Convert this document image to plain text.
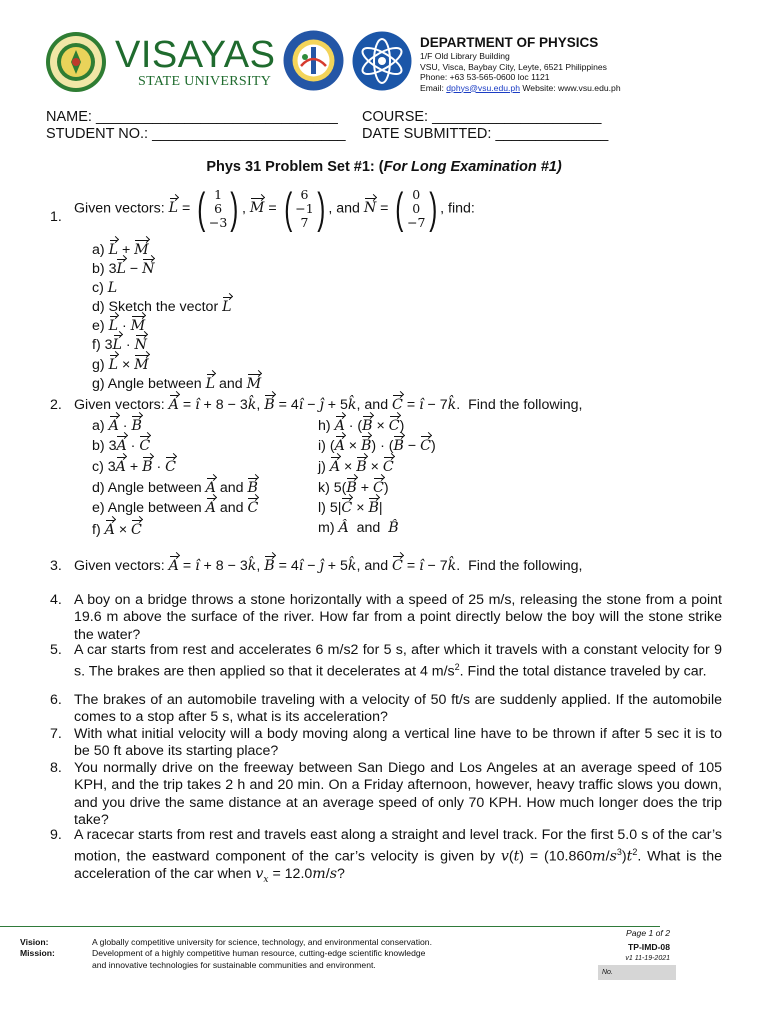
VISAYAS
STATE UNIVERSITY
DEPARTMENT OF PHYSICS
1/F Old Library Building
VSU, Visca, Baybay City, Leyte, 6521 Philippines
Phone: +63 53-565-0600 loc 1121
Email: dphys@vsu.edu.ph Website: www.vsu.edu.ph
NAME: ______________________________ COURSE: _____________________
STUDENT NO.: ________________________ DATE SUBMITTED: ______________
Phys 31 Problem Set #1: (For Long Examination #1)
1.
Given vectors: L = ( 1
6
−3 ) , M = ( 6
−1
7 ) , and N = ( 0
0
−7 ) , find:
a) L + M
b) 3L − N
c) L
d) Sketch the vector L
e) L · M
f) 3L · N
g) L × M
g) Angle between L and M
2. Given vectors: A = î + 8 − 3k̂, B = 4î − ĵ + 5k̂, and C = î − 7k̂.  Find the following,
a) A · B
b) 3A · C
c) 3A + B · C
d) Angle between A and B
e) Angle between A and C
f) A × C
h) A · (B × C)
i) (A × B) · (B − C)
j) A × B × C
k) 5(B + C)
l) 5|C × B|
m) Â and B̂
3. Given vectors: A = î + 8 − 3k̂, B = 4î − ĵ + 5k̂, and C = î − 7k̂.  Find the following,
4. A boy on a bridge throws a stone horizontally with a speed of 25 m/s, releasing the stone from a point 19.6 m above the surface of the river. How far from a point directly below the boy will the stone strike the water?
5. A car starts from rest and accelerates 6 m/s2 for 5 s, after which it travels with a constant velocity for 9 s. The brakes are then applied so that it decelerates at 4 $m/s^2$. Find the total distance traveled by car.
6. The brakes of an automobile traveling with a velocity of 50 ft/s are suddenly applied. If the automobile comes to a stop after 5 s, what is its acceleration?
7. With what initial velocity will a body moving along a vertical line have to be thrown if after 5 sec it is to be 50 ft above its starting place?
8. You normally drive on the freeway between San Diego and Los Angeles at an average speed of 105 KPH, and the trip takes 2 h and 20 min. On a Friday afternoon, however, heavy traffic slows you down, and you drive the same distance at an average speed of only 70 KPH. How much longer does the trip take?
9. A racecar starts from rest and travels east along a straight and level track. For the first 5.0 s of the car’s motion, the eastward component of the car’s velocity is given by $v(t) = (10.860m/s^3)t^2$. What is the acceleration of the car when $v_x = 12.0m/s$?
Vision:
Mission:
A globally competitive university for science, technology, and environmental conservation.
Development of a highly competitive human resource, cutting-edge scientific knowledge
and innovative technologies for sustainable communities and environment.
Page 1 of 2
TP-IMD-08
v1 11-19-2021
No.
